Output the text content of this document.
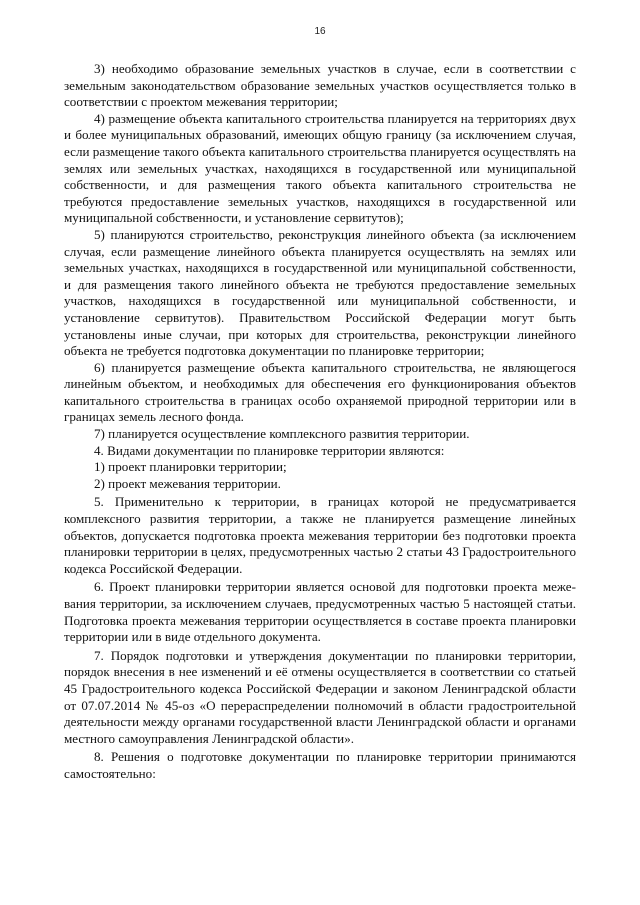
16

3) необходимо образование земельных участков в случае, если в соответствии с земельным законодательством образование земельных участков осуществляется только в соответствии с проектом межевания территории;

4) размещение объекта капитального строительства планируется на территориях двух и более муниципальных образований, имеющих общую границу (за исключением случая, если размещение такого объекта капитального строительства планируется осуществлять на землях или земельных участках, находящихся в государственной или муниципальной собственности, и для размещения такого объекта капитального строительства не требуются предоставление земельных участков, находящихся в государственной или муниципальной собственности, и установление сервитутов);

5) планируются строительство, реконструкция линейного объекта (за исключением случая, если размещение линейного объекта планируется осуществлять на землях или земельных участках, находящихся в государственной или муниципальной собственности, и для размещения такого линейного объекта не требуются предоставление земельных участков, находящихся в государственной или муниципальной собственности, и установление сервитутов). Правительством Российской Федерации могут быть установлены иные случаи, при которых для строительства, реконструкции линейного объекта не требуется подготовка документации по планировке территории;

6) планируется размещение объекта капитального строительства, не являющегося линейным объектом, и необходимых для обеспечения его функционирования объектов капитального строительства в границах особо охраняемой природной территории или в границах земель лесного фонда.

7) планируется осуществление комплексного развития территории.

4. Видами документации по планировке территории являются:

1) проект планировки территории;

2) проект межевания территории.

5. Применительно к территории, в границах которой не предусматривается комплексного развития территории, а также не планируется размещение линейных объектов, допускается подготовка проекта межевания территории без подготовки проекта планировки территории в целях, предусмотренных частью 2 статьи 43 Градостроительного кодекса Российской Федерации.

6. Проект планировки территории является основой для подготовки проекта межевания территории, за исключением случаев, предусмотренных частью 5 настоящей статьи. Подготовка проекта межевания территории осуществляется в составе проекта планировки территории или в виде отдельного документа.

7. Порядок подготовки и утверждения документации по планировки территории, порядок внесения в нее изменений и её отмены осуществляется в соответствии со статьей 45 Градостроительного кодекса Российской Федерации и законом Ленинградской области от 07.07.2014 № 45-оз «О перераспределении полномочий в области градостроительной деятельности между органами государственной власти Ленинградской области и органами местного самоуправления Ленинградской области».

8. Решения о подготовке документации по планировке территории принимаются самостоятельно:
